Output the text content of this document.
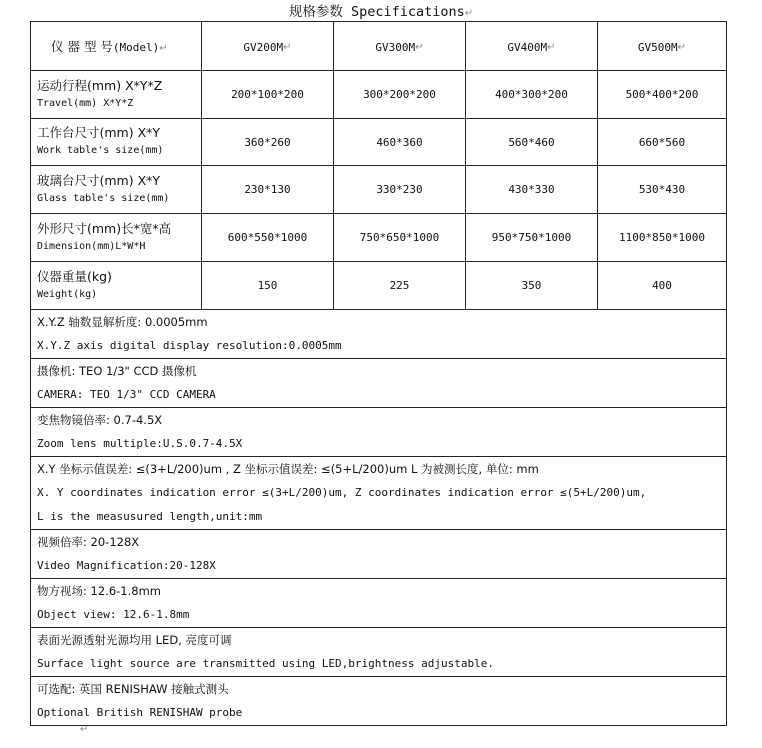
规格参数 Specifications↵
仪 器 型 号(Model)↵	GV200M↵	GV300M↵	GV400M↵	GV500M↵

运动行程(mm) X*Y*Z
Travel(mm) X*Y*Z	200*100*200	300*200*200	400*300*200	500*400*200

工作台尺寸(mm) X*Y
Work table's size(mm)	360*260	460*360	560*460	660*560

玻璃台尺寸(mm) X*Y
Glass table's size(mm)	230*130	330*230	430*330	530*430

外形尺寸(mm)长*宽*高
Dimension(mm)L*W*H	600*550*1000	750*650*1000	950*750*1000	1100*850*1000

仪器重量(kg)
Weight(kg)	150	225	350	400

X.Y.Z 轴数显解析度: 0.0005mm
X.Y.Z axis digital display resolution:0.0005mm				

摄像机: TEO 1/3" CCD 摄像机
CAMERA: TEO 1/3" CCD CAMERA				

变焦物镜倍率: 0.7-4.5X
Zoom lens multiple:U.S.0.7-4.5X				

X.Y 坐标示值误差: ≤(3+L/200)um , Z 坐标示值误差: ≤(5+L/200)um L 为被测长度, 单位: mm
X. Y coordinates indication error ≤(3+L/200)um, Z coordinates indication error ≤(5+L/200)um,
L is the measusured length,unit:mm				

视频倍率: 20-128X
Video Magnification:20-128X				

物方视场: 12.6-1.8mm
Object view: 12.6-1.8mm				

表面光源透射光源均用 LED, 亮度可调
Surface light source are transmitted using LED,brightness adjustable.				

可选配: 英国 RENISHAW 接触式测头
Optional British RENISHAW probe				
↵
